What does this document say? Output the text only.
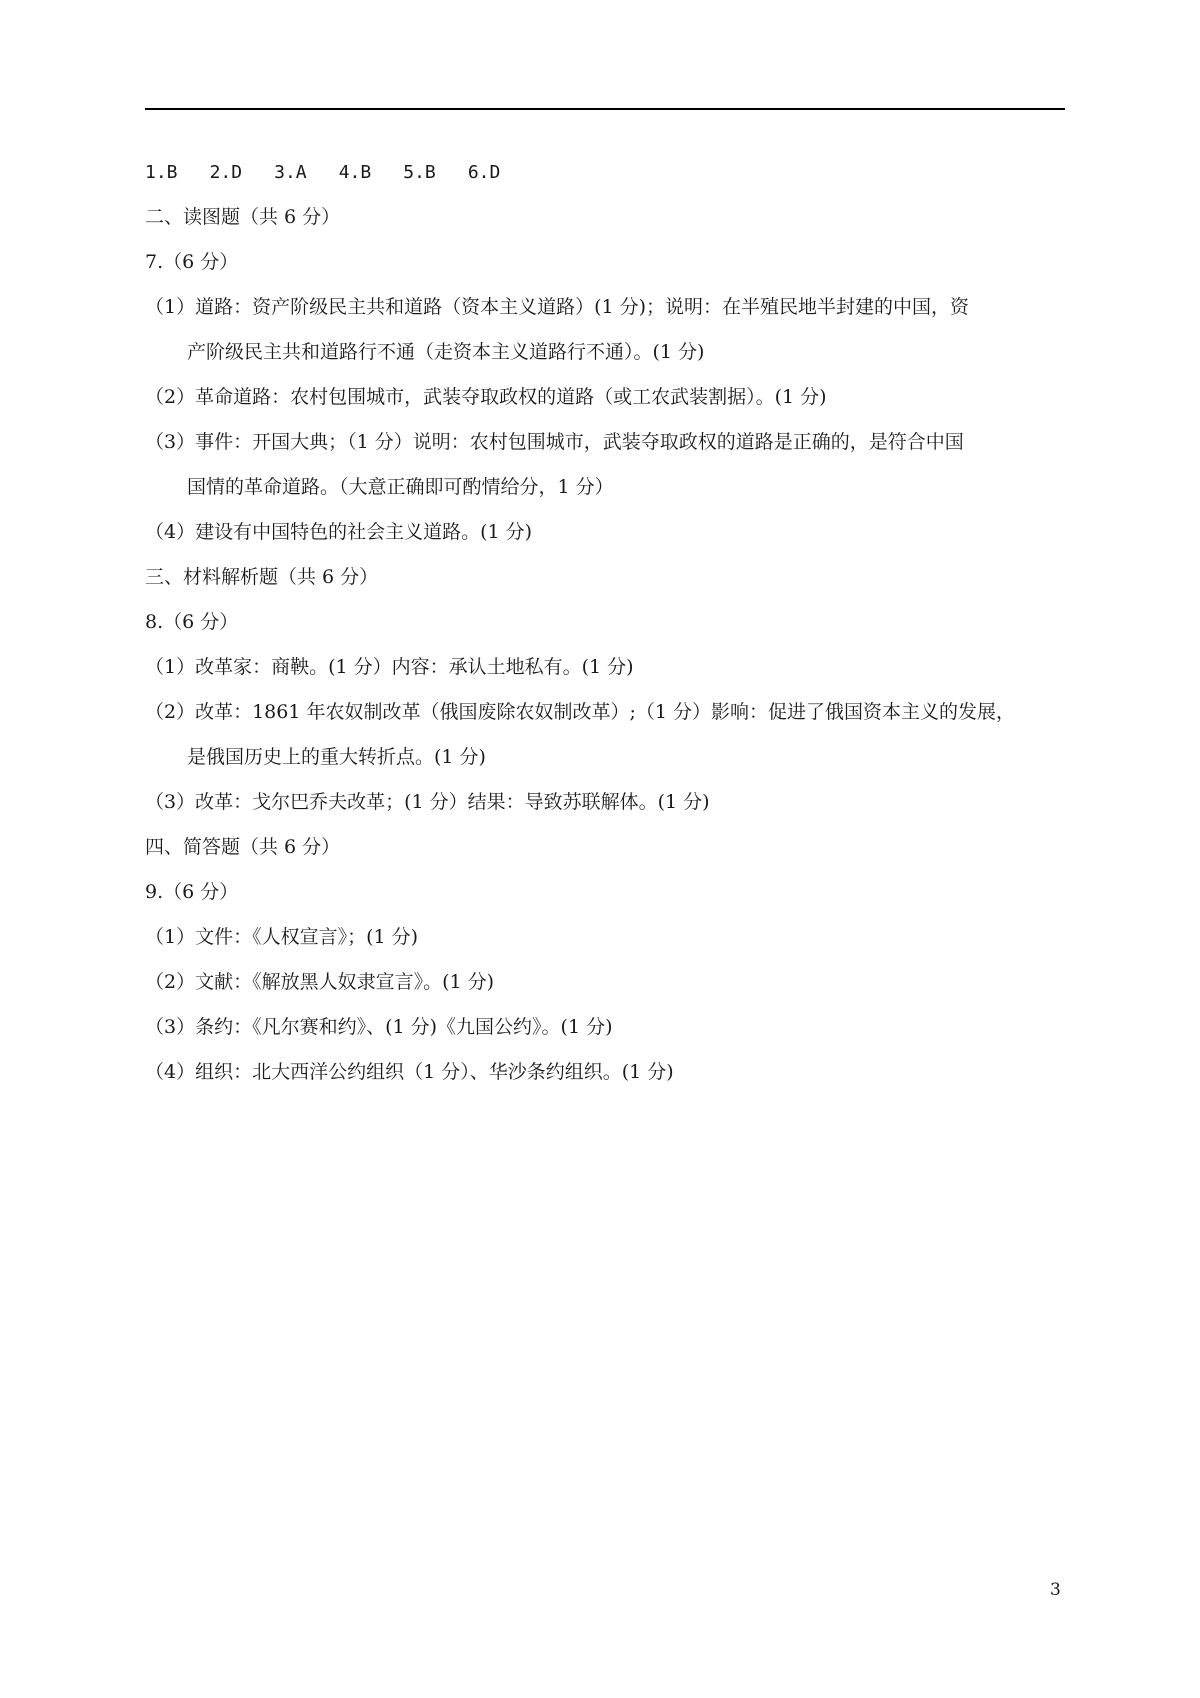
1.B 2.D 3.A 4.B 5.B 6.D
二、读图题（共 6 分）
7.（6 分）
（1）道路：资产阶级民主共和道路（资本主义道路）(1 分)；说明：在半殖民地半封建的中国，资
产阶级民主共和道路行不通（走资本主义道路行不通）。(1 分)
（2）革命道路：农村包围城市，武装夺取政权的道路（或工农武装割据）。(1 分)
（3）事件：开国大典；（1 分）说明：农村包围城市，武装夺取政权的道路是正确的，是符合中国
国情的革命道路。（大意正确即可酌情给分，1 分）
（4）建设有中国特色的社会主义道路。(1 分)
三、材料解析题（共 6 分）
8.（6 分）
（1）改革家：商鞅。(1 分）内容：承认土地私有。(1 分)
（2）改革：1861 年农奴制改革（俄国废除农奴制改革）;（1 分）影响：促进了俄国资本主义的发展，
是俄国历史上的重大转折点。(1 分)
（3）改革：戈尔巴乔夫改革；(1 分）结果：导致苏联解体。(1 分)
四、简答题（共 6 分）
9.（6 分）
（1）文件：《人权宣言》；(1 分)
（2）文献：《解放黑人奴隶宣言》。(1 分)
（3）条约：《凡尔赛和约》、(1 分)《九国公约》。(1 分)
（4）组织：北大西洋公约组织（1 分）、华沙条约组织。(1 分)
3
